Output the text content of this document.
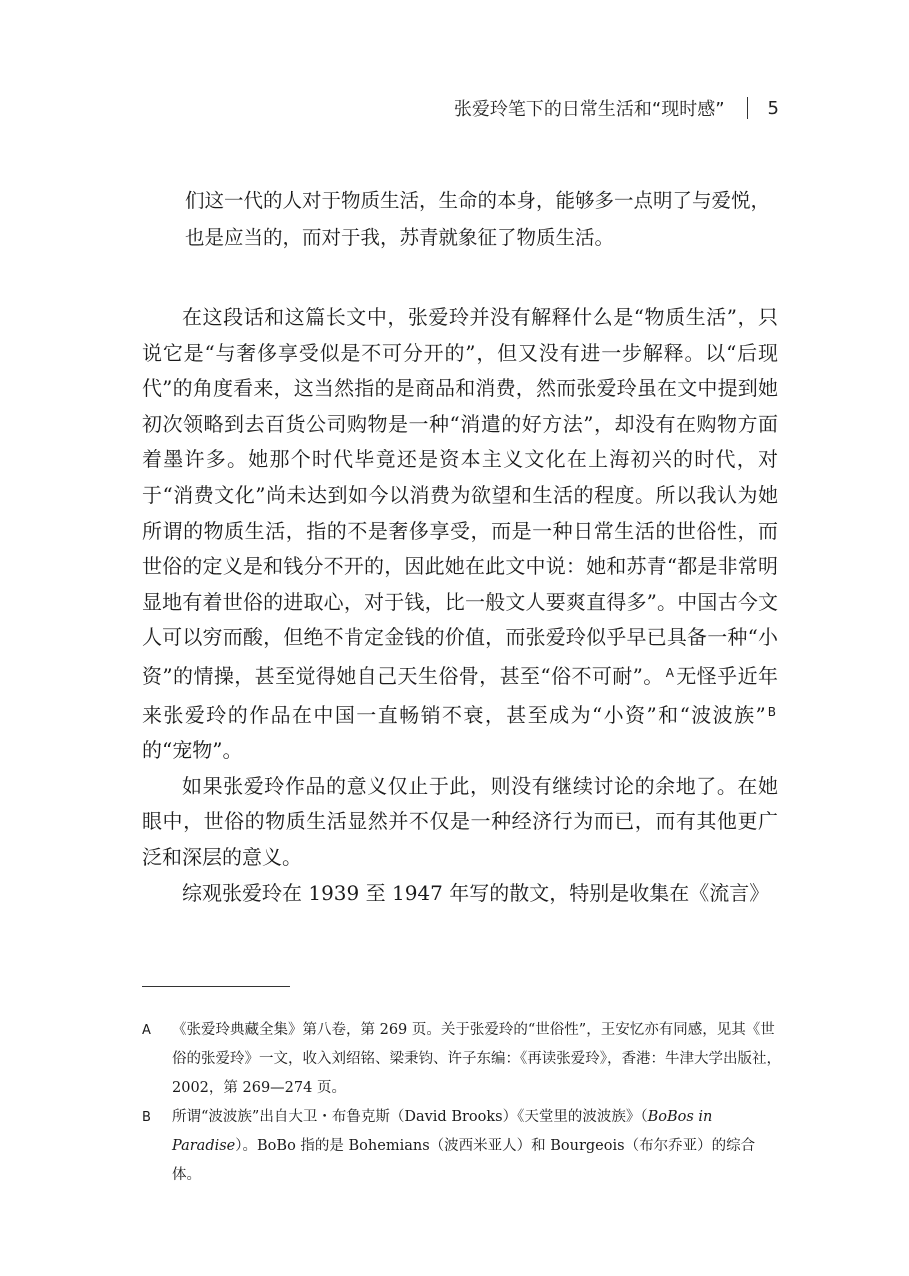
张爱玲笔下的日常生活和“现时感” 5
们这一代的人对于物质生活，生命的本身，能够多一点明了与爱悦，
也是应当的，而对于我，苏青就象征了物质生活。

在这段话和这篇长文中，张爱玲并没有解释什么是“物质生活”，只说它是“与奢侈享受似是不可分开的”，但又没有进一步解释。以“后现代”的角度看来，这当然指的是商品和消费，然而张爱玲虽在文中提到她初次领略到去百货公司购物是一种“消遣的好方法”，却没有在购物方面着墨许多。她那个时代毕竟还是资本主义文化在上海初兴的时代，对于“消费文化”尚未达到如今以消费为欲望和生活的程度。所以我认为她所谓的物质生活，指的不是奢侈享受，而是一种日常生活的世俗性，而世俗的定义是和钱分不开的，因此她在此文中说：她和苏青“都是非常明显地有着世俗的进取心，对于钱，比一般文人要爽直得多”。中国古今文人可以穷而酸，但绝不肯定金钱的价值，而张爱玲似乎早已具备一种“小资”的情操，甚至觉得她自己天生俗骨，甚至“俗不可耐”。 $^A$ 无怪乎近年来张爱玲的作品在中国一直畅销不衰，甚至成为“小资”和“波波族” $^B$的“宠物”。

如果张爱玲作品的意义仅止于此，则没有继续讨论的余地了。在她眼中，世俗的物质生活显然并不仅是一种经济行为而已，而有其他更广泛和深层的意义。

综观张爱玲在 1939 至 1947 年写的散文，特别是收集在《流言》

A 《张爱玲典藏全集》第八卷，第 269 页。关于张爱玲的“世俗性”，王安忆亦有同感，见其《世俗的张爱玲》一文，收入刘绍铭、梁秉钧、许子东编：《再读张爱玲》，香港：牛津大学出版社，2002，第 269—274 页。
B 所谓“波波族”出自大卫・布鲁克斯（David Brooks）《天堂里的波波族》（BoBos in Paradise）。BoBo 指的是 Bohemians（波西米亚人）和 Bourgeois（布尔乔亚）的综合体。
